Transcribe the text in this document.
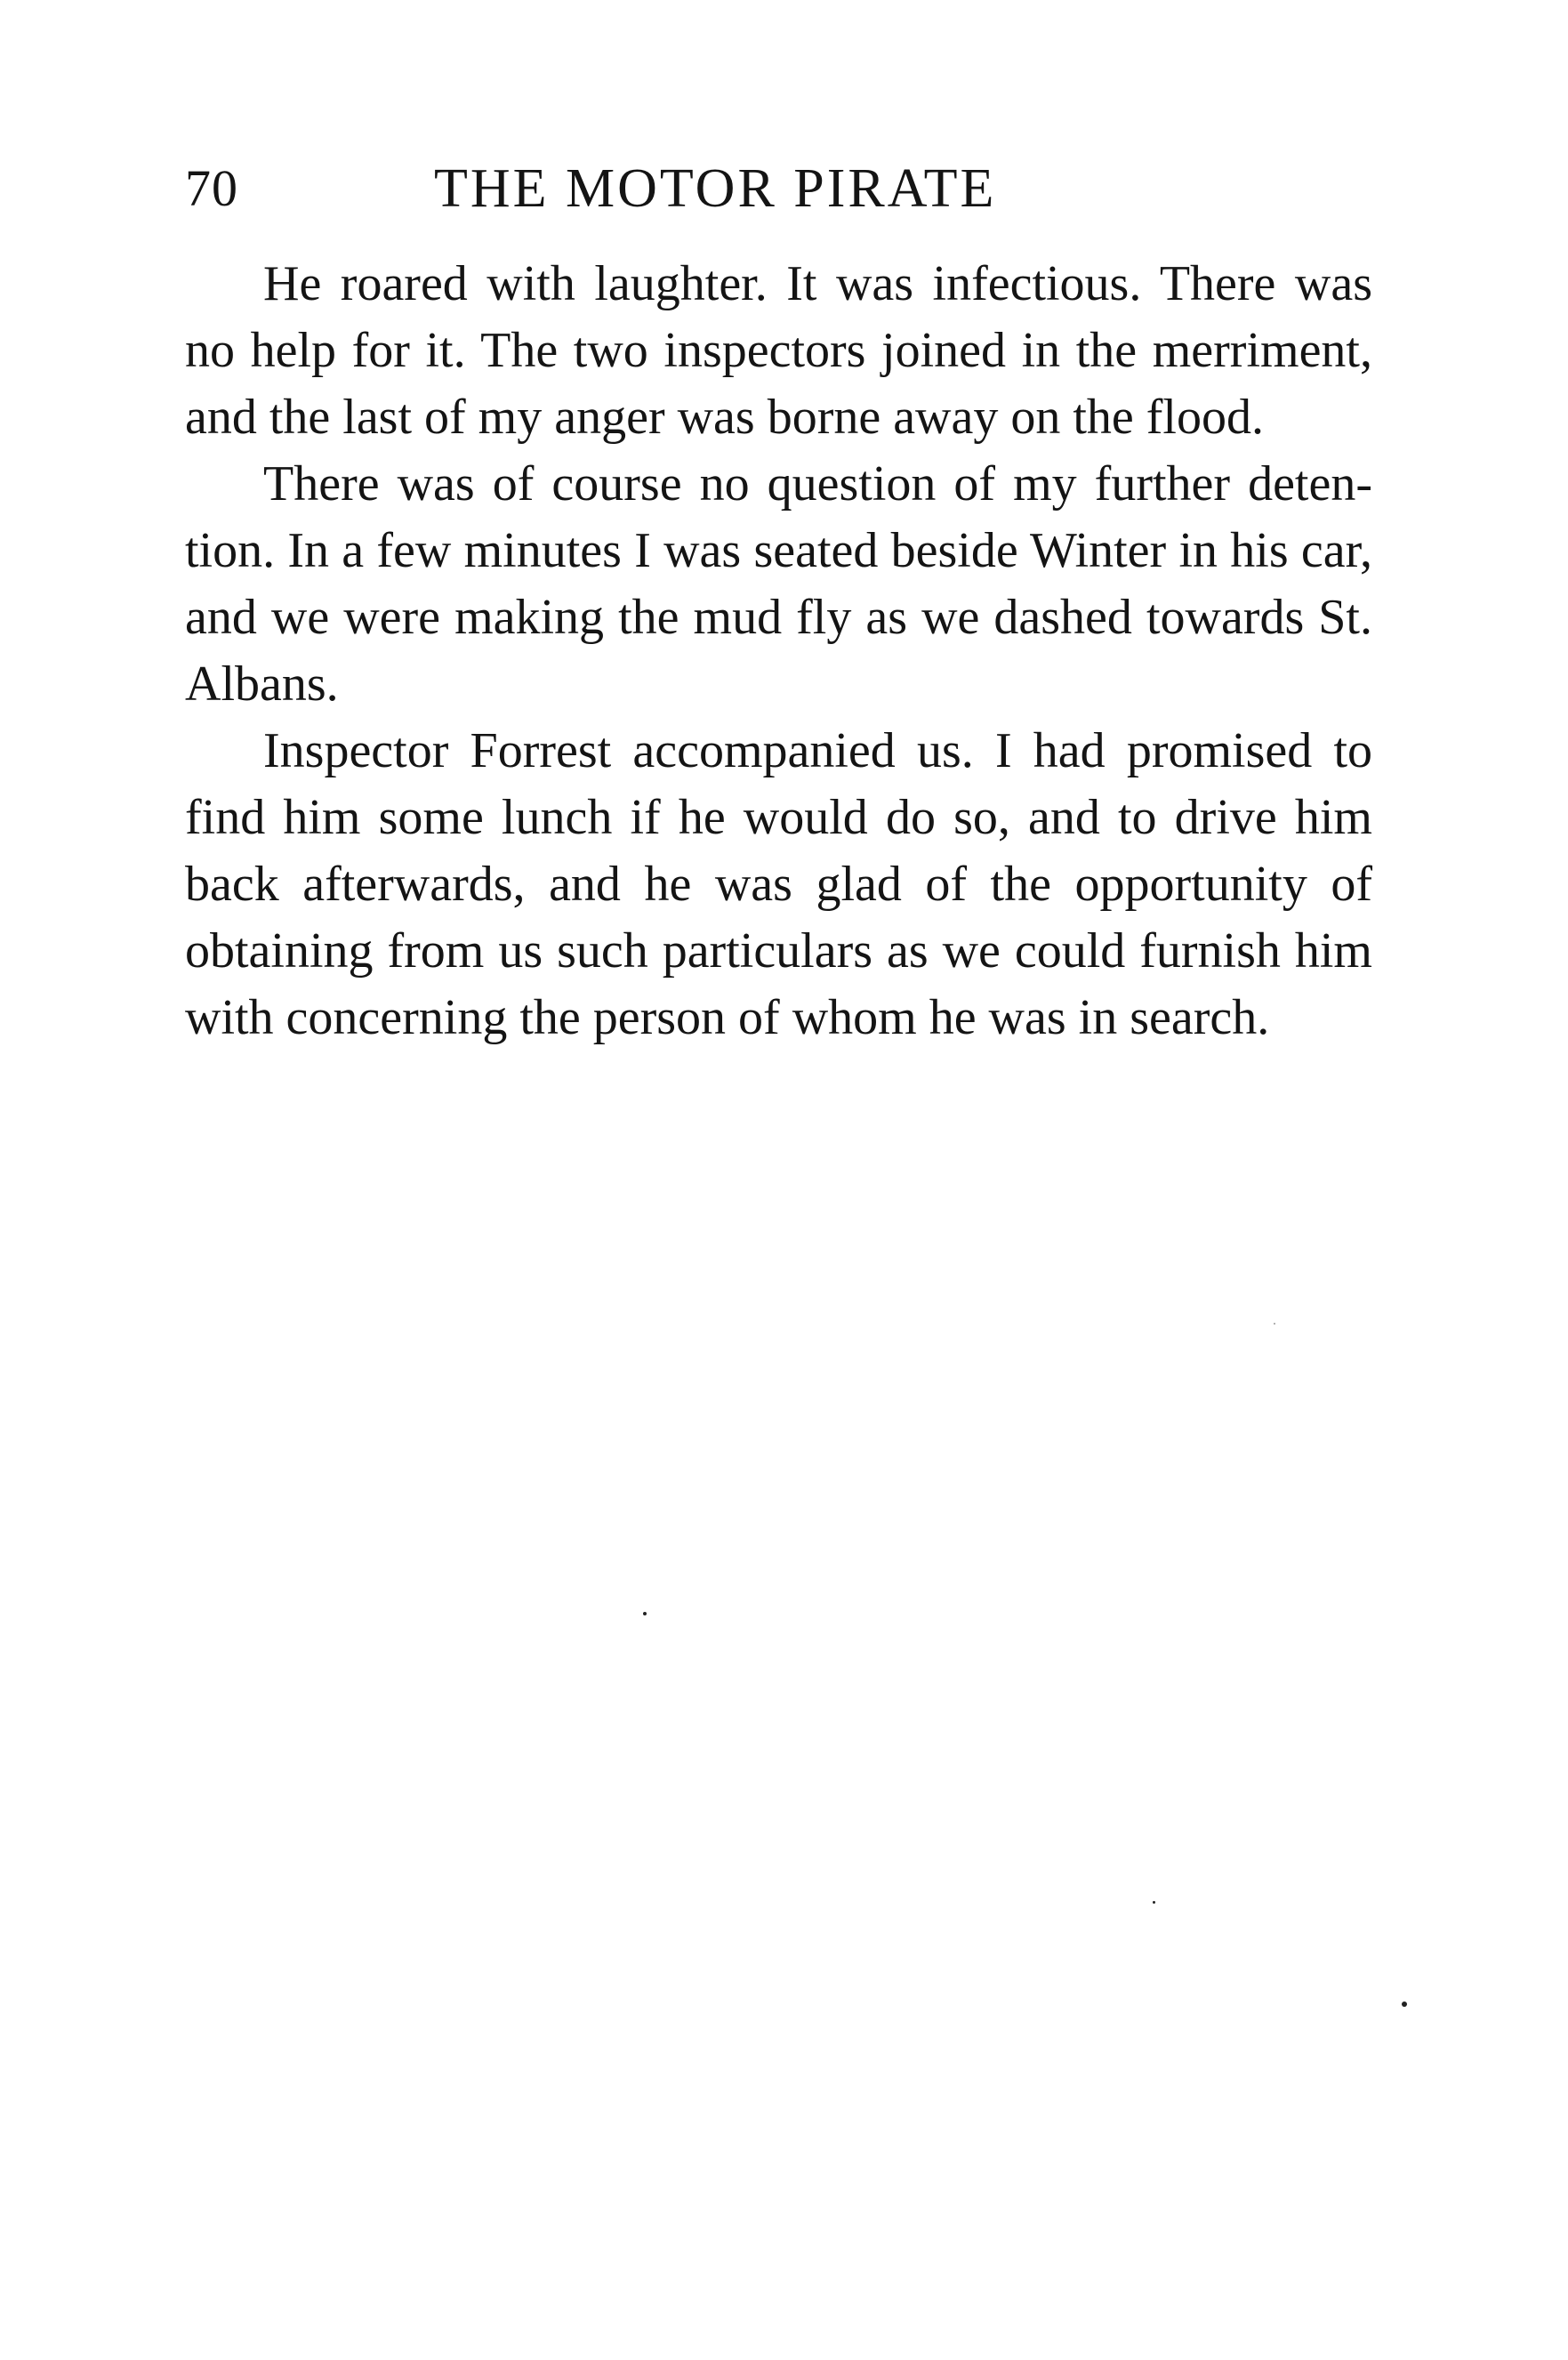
70	THE MOTOR PIRATE

He roared with laughter. It was infectious. There was no help for it. The two inspectors joined in the merriment, and the last of my anger was borne away on the flood.

There was of course no question of my further detention. In a few minutes I was seated beside Winter in his car, and we were making the mud fly as we dashed towards St. Albans.

Inspector Forrest accompanied us. I had promised to find him some lunch if he would do so, and to drive him back afterwards, and he was glad of the opportunity of obtaining from us such particulars as we could furnish him with concerning the person of whom he was in search.
